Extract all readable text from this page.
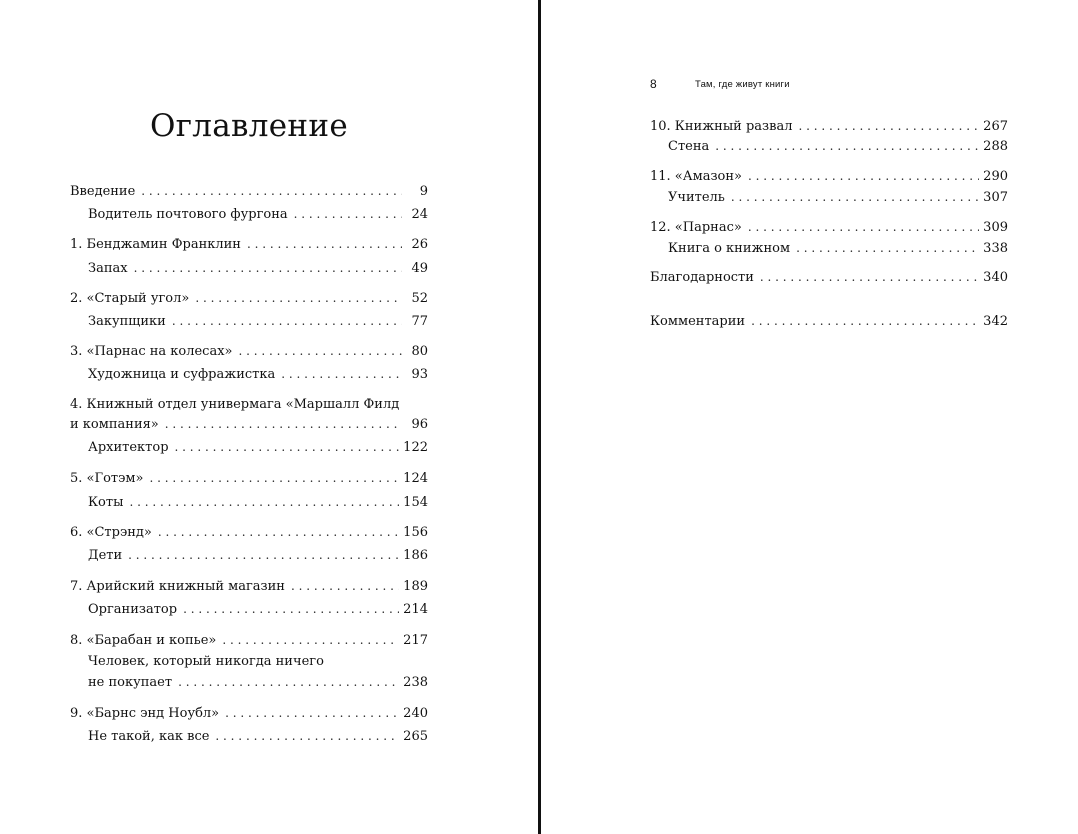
Оглавление
8	Там, где живут книги
Введение . . .	9
Водитель почтового фургона . . .	24
1. Бенджамин Франклин . . .	26
Запах . . .	49
2. «Старый угол» . . .	52
Закупщики . . .	77
3. «Парнас на колесах» . . .	80
Художница и суфражистка . . .	93
4. Книжный отдел универмага «Маршалл Филд
и компания» . . .	96
Архитектор . . .	122
5. «Готэм» . . .	124
Коты . . .	154
6. «Стрэнд» . . .	156
Дети . . .	186
7. Арийский книжный магазин . . .	189
Организатор . . .	214
8. «Барабан и копье» . . .	217
Человек, который никогда ничего
не покупает . . .	238
9. «Барнс энд Ноубл» . . .	240
Не такой, как все . . .	265
10. Книжный развал . . .	267
Стена . . .	288
11. «Амазон» . . .	290
Учитель . . .	307
12. «Парнас» . . .	309
Книга о книжном . . .	338
Благодарности . . .	340
Комментарии . . .	342
